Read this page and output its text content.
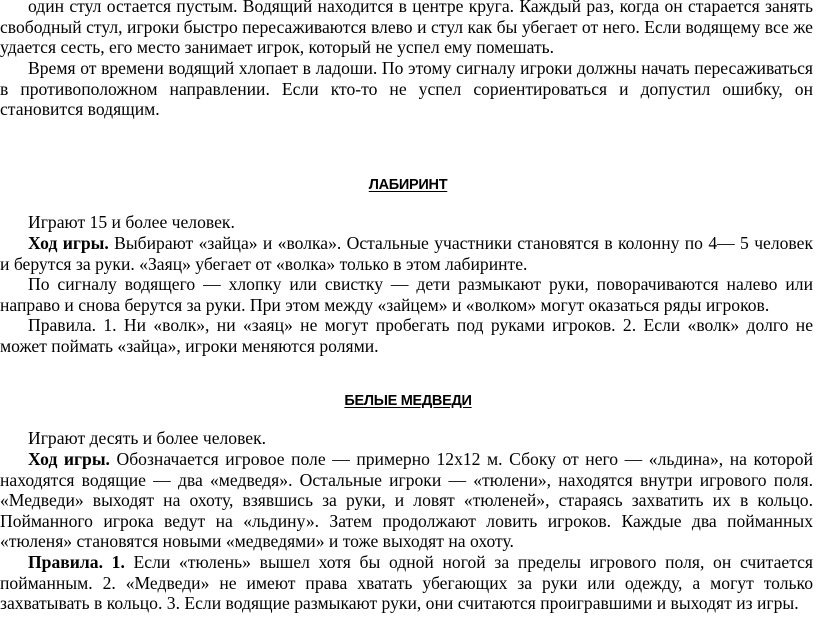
один стул остается пустым. Водящий находится в центре круга. Каждый раз, когда он старается занять свободный стул, игроки быстро пересаживаются влево и стул как бы убегает от него. Если водящему все же удается сесть, его место занимает игрок, который не успел ему помешать.

Время от времени водящий хлопает в ладоши. По этому сигналу игроки должны начать пересаживаться в противоположном направлении. Если кто-то не успел сориентироваться и допустил ошибку, он становится водящим.

ЛАБИРИНТ

Играют 15 и более человек.

Ход игры. Выбирают «зайца» и «волка». Остальные участники становятся в колонну по 4— 5 человек и берутся за руки. «Заяц» убегает от «волка» только в этом лабиринте.

По сигналу водящего — хлопку или свистку — дети размыкают руки, поворачиваются налево или направо и снова берутся за руки. При этом между «зайцем» и «волком» могут оказаться ряды игроков.

Правила. 1. Ни «волк», ни «заяц» не могут пробегать под руками игроков. 2. Если «волк» долго не может поймать «зайца», игроки меняются ролями.

БЕЛЫЕ МЕДВЕДИ

Играют десять и более человек.

Ход игры. Обозначается игровое поле — примерно 12х12 м. Сбоку от него — «льдина», на которой находятся водящие — два «медведя». Остальные игроки — «тюлени», находятся внутри игрового поля. «Медведи» выходят на охоту, взявшись за руки, и ловят «тюленей», стараясь захватить их в кольцо. Пойманного игрока ведут на «льдину». Затем продолжают ловить игроков. Каждые два пойманных «тюленя» становятся новыми «медведями» и тоже выходят на охоту.

Правила. 1. Если «тюлень» вышел хотя бы одной ногой за пределы игрового поля, он считается пойманным. 2. «Медведи» не имеют права хватать убегающих за руки или одежду, а могут только захватывать в кольцо. 3. Если водящие размыкают руки, они считаются проигравшими и выходят из игры.
